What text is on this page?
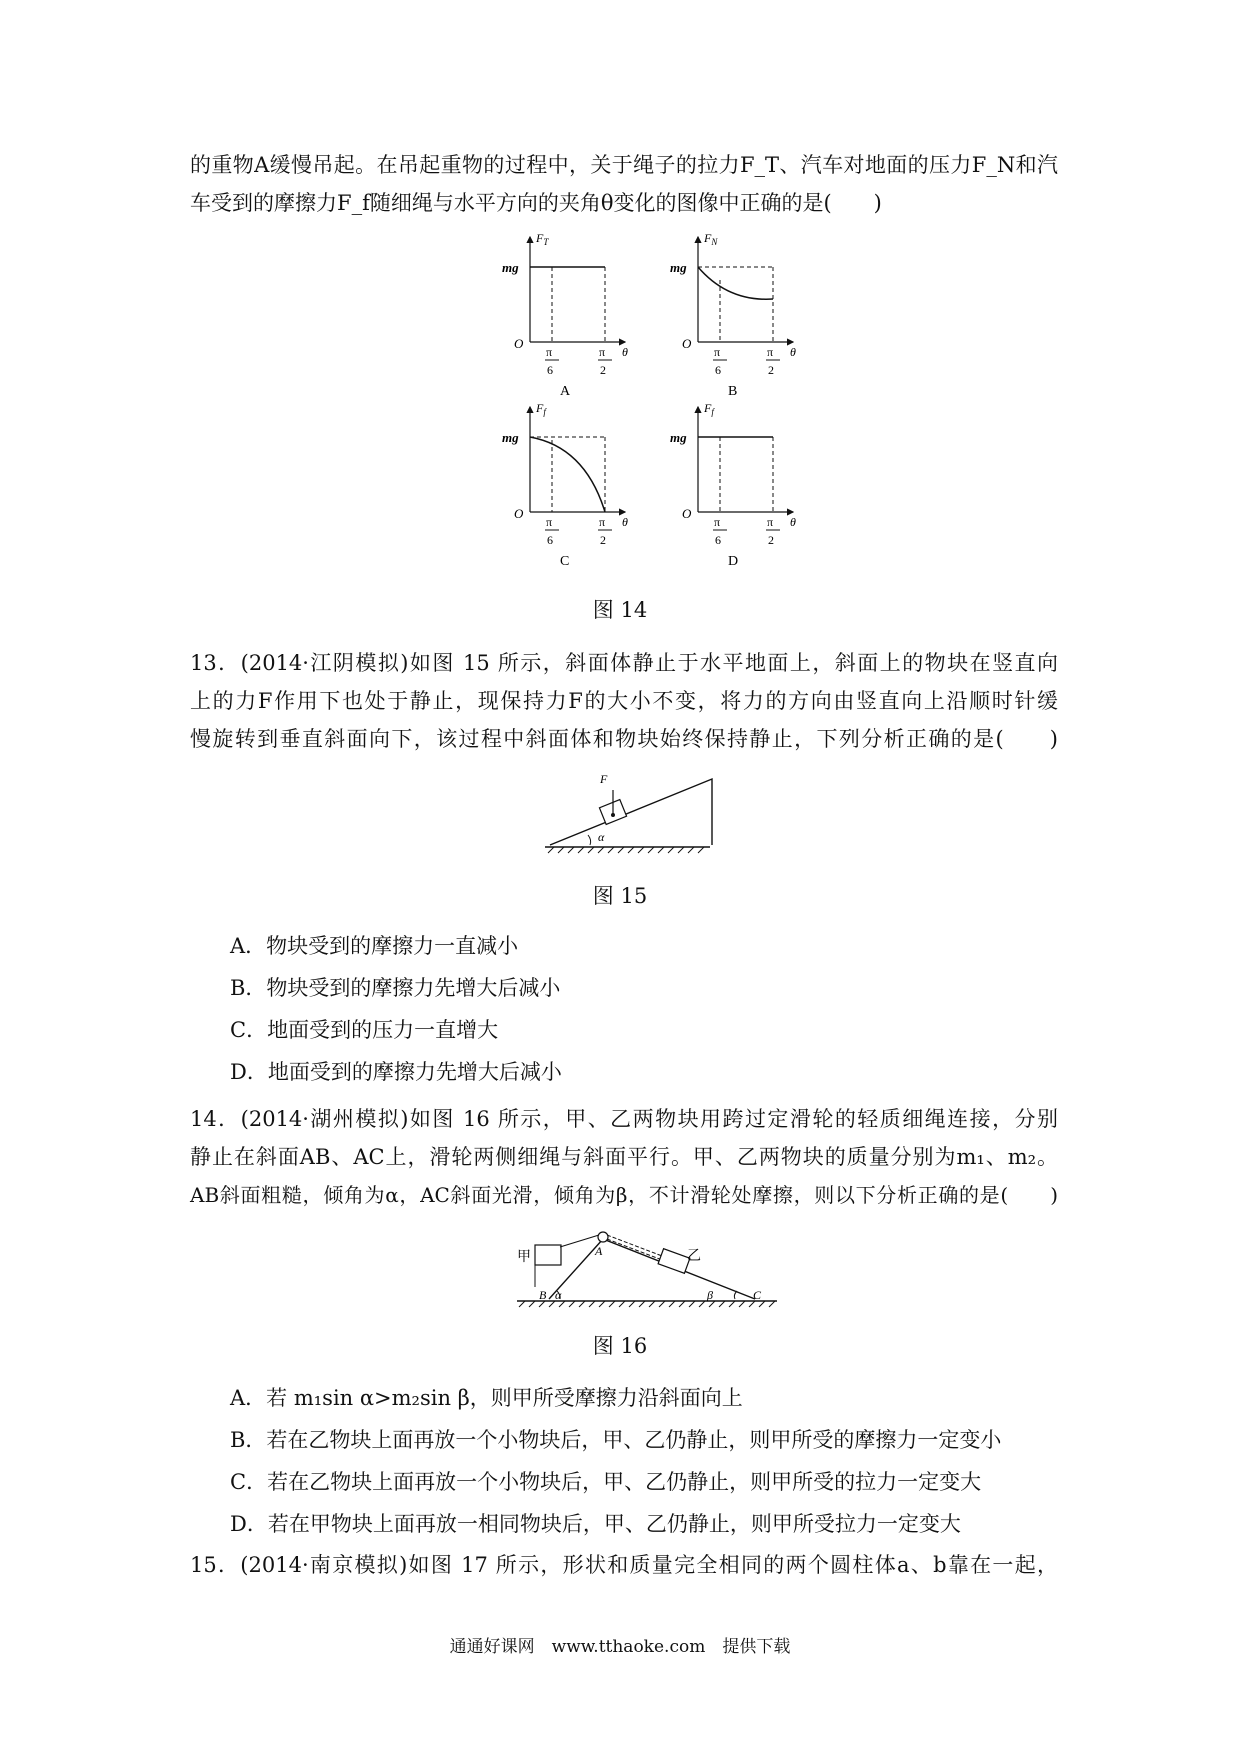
的重物A缓慢吊起。在吊起重物的过程中，关于绳子的拉力F_T、汽车对地面的压力F_N和汽
车受到的摩擦力F_f随细绳与水平方向的夹角θ变化的图像中正确的是(　　)
$F_T$
mg
O
π
6
π
2
θ
A
$F_N$
mg
O
π
6
π
2
θ
B
$F_f$
mg
O
π
6
π
2
θ
C
$F_f$
mg
O
π
6
π
2
θ
D
图 14
13．(2014·江阴模拟)如图 15 所示，斜面体静止于水平地面上，斜面上的物块在竖直向
上的力F作用下也处于静止，现保持力F的大小不变，将力的方向由竖直向上沿顺时针缓
慢旋转到垂直斜面向下，该过程中斜面体和物块始终保持静止，下列分析正确的是(　　)
F
α
图 15
A．物块受到的摩擦力一直减小
B．物块受到的摩擦力先增大后减小
C．地面受到的压力一直增大
D．地面受到的摩擦力先增大后减小
14．(2014·湖州模拟)如图 16 所示，甲、乙两物块用跨过定滑轮的轻质细绳连接，分别
静止在斜面AB、AC上，滑轮两侧细绳与斜面平行。甲、乙两物块的质量分别为m₁、m₂。
AB斜面粗糙，倾角为α，AC斜面光滑，倾角为β，不计滑轮处摩擦，则以下分析正确的是(　　)
甲	乙
A
B	C
α	β
图 16
A．若 m₁sin α>m₂sin β，则甲所受摩擦力沿斜面向上
B．若在乙物块上面再放一个小物块后，甲、乙仍静止，则甲所受的摩擦力一定变小
C．若在乙物块上面再放一个小物块后，甲、乙仍静止，则甲所受的拉力一定变大
D．若在甲物块上面再放一相同物块后，甲、乙仍静止，则甲所受拉力一定变大
15．(2014·南京模拟)如图 17 所示，形状和质量完全相同的两个圆柱体a、b靠在一起，
通通好课网　www.tthaoke.com　提供下载
